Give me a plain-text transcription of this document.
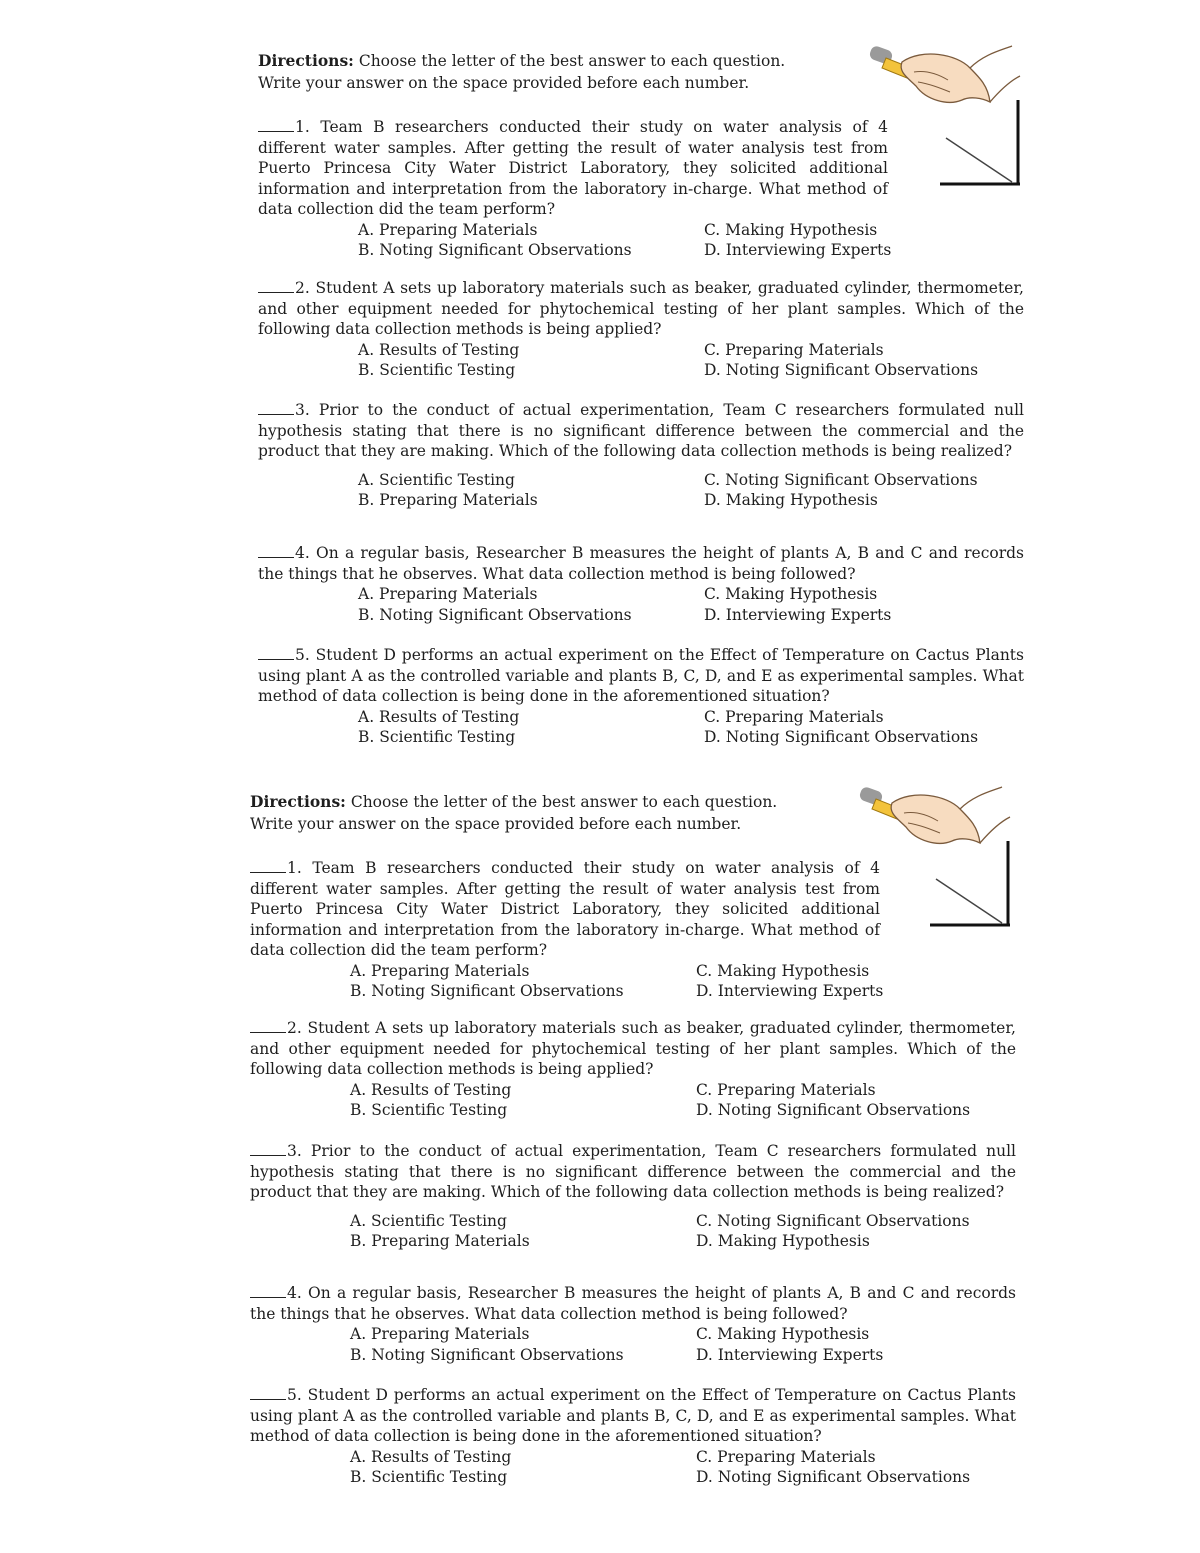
Directions: Choose the letter of the best answer to each question.
Write your answer on the space provided before each number.

1. Team B researchers conducted their study on water analysis of 4 different water samples. After getting the result of water analysis test from Puerto Princesa City Water District Laboratory, they solicited additional information and interpretation from the laboratory in-charge. What method of data collection did the team perform?

A. Preparing Materials	C. Making Hypothesis
B. Noting Significant Observations	D. Interviewing Experts

2. Student A sets up laboratory materials such as beaker, graduated cylinder, thermometer, and other equipment needed for phytochemical testing of her plant samples. Which of the following data collection methods is being applied?

A. Results of Testing	C. Preparing Materials
B. Scientific Testing	D. Noting Significant Observations

3. Prior to the conduct of actual experimentation, Team C researchers formulated null hypothesis stating that there is no significant difference between the commercial and the product that they are making. Which of the following data collection methods is being realized?

A. Scientific Testing	C. Noting Significant Observations
B. Preparing Materials	D. Making Hypothesis

4. On a regular basis, Researcher B measures the height of plants A, B and C and records the things that he observes. What data collection method is being followed?

A. Preparing Materials	C. Making Hypothesis
B. Noting Significant Observations	D. Interviewing Experts

5. Student D performs an actual experiment on the Effect of Temperature on Cactus Plants using plant A as the controlled variable and plants B, C, D, and E as experimental samples. What method of data collection is being done in the aforementioned situation?

A. Results of Testing	C. Preparing Materials
B. Scientific Testing	D. Noting Significant Observations
Directions: Choose the letter of the best answer to each question.
Write your answer on the space provided before each number.

1. Team B researchers conducted their study on water analysis of 4 different water samples. After getting the result of water analysis test from Puerto Princesa City Water District Laboratory, they solicited additional information and interpretation from the laboratory in-charge. What method of data collection did the team perform?

A. Preparing Materials	C. Making Hypothesis
B. Noting Significant Observations	D. Interviewing Experts

2. Student A sets up laboratory materials such as beaker, graduated cylinder, thermometer, and other equipment needed for phytochemical testing of her plant samples. Which of the following data collection methods is being applied?

A. Results of Testing	C. Preparing Materials
B. Scientific Testing	D. Noting Significant Observations

3. Prior to the conduct of actual experimentation, Team C researchers formulated null hypothesis stating that there is no significant difference between the commercial and the product that they are making. Which of the following data collection methods is being realized?

A. Scientific Testing	C. Noting Significant Observations
B. Preparing Materials	D. Making Hypothesis

4. On a regular basis, Researcher B measures the height of plants A, B and C and records the things that he observes. What data collection method is being followed?

A. Preparing Materials	C. Making Hypothesis
B. Noting Significant Observations	D. Interviewing Experts

5. Student D performs an actual experiment on the Effect of Temperature on Cactus Plants using plant A as the controlled variable and plants B, C, D, and E as experimental samples. What method of data collection is being done in the aforementioned situation?

A. Results of Testing	C. Preparing Materials
B. Scientific Testing	D. Noting Significant Observations
